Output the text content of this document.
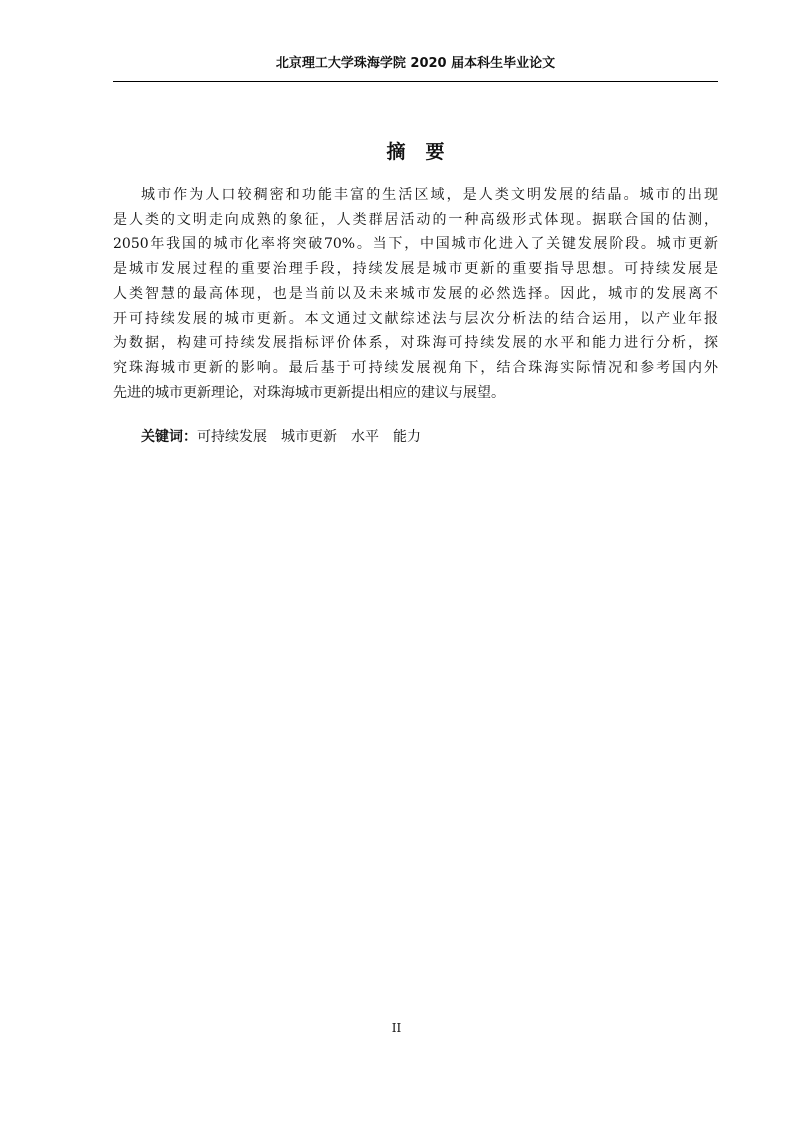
北京理工大学珠海学院 2020 届本科生毕业论文
摘要

城市作为人口较稠密和功能丰富的生活区域，是人类文明发展的结晶。城市的出现
是人类的文明走向成熟的象征，人类群居活动的一种高级形式体现。据联合国的估测，
2050年我国的城市化率将突破70%。当下，中国城市化进入了关键发展阶段。城市更新
是城市发展过程的重要治理手段，持续发展是城市更新的重要指导思想。可持续发展是
人类智慧的最高体现，也是当前以及未来城市发展的必然选择。因此，城市的发展离不
开可持续发展的城市更新。本文通过文献综述法与层次分析法的结合运用，以产业年报
为数据，构建可持续发展指标评价体系，对珠海可持续发展的水平和能力进行分析，探
究珠海城市更新的影响。最后基于可持续发展视角下，结合珠海实际情况和参考国内外
先进的城市更新理论，对珠海城市更新提出相应的建议与展望。

关键词：可持续发展 城市更新 水平 能力
II
